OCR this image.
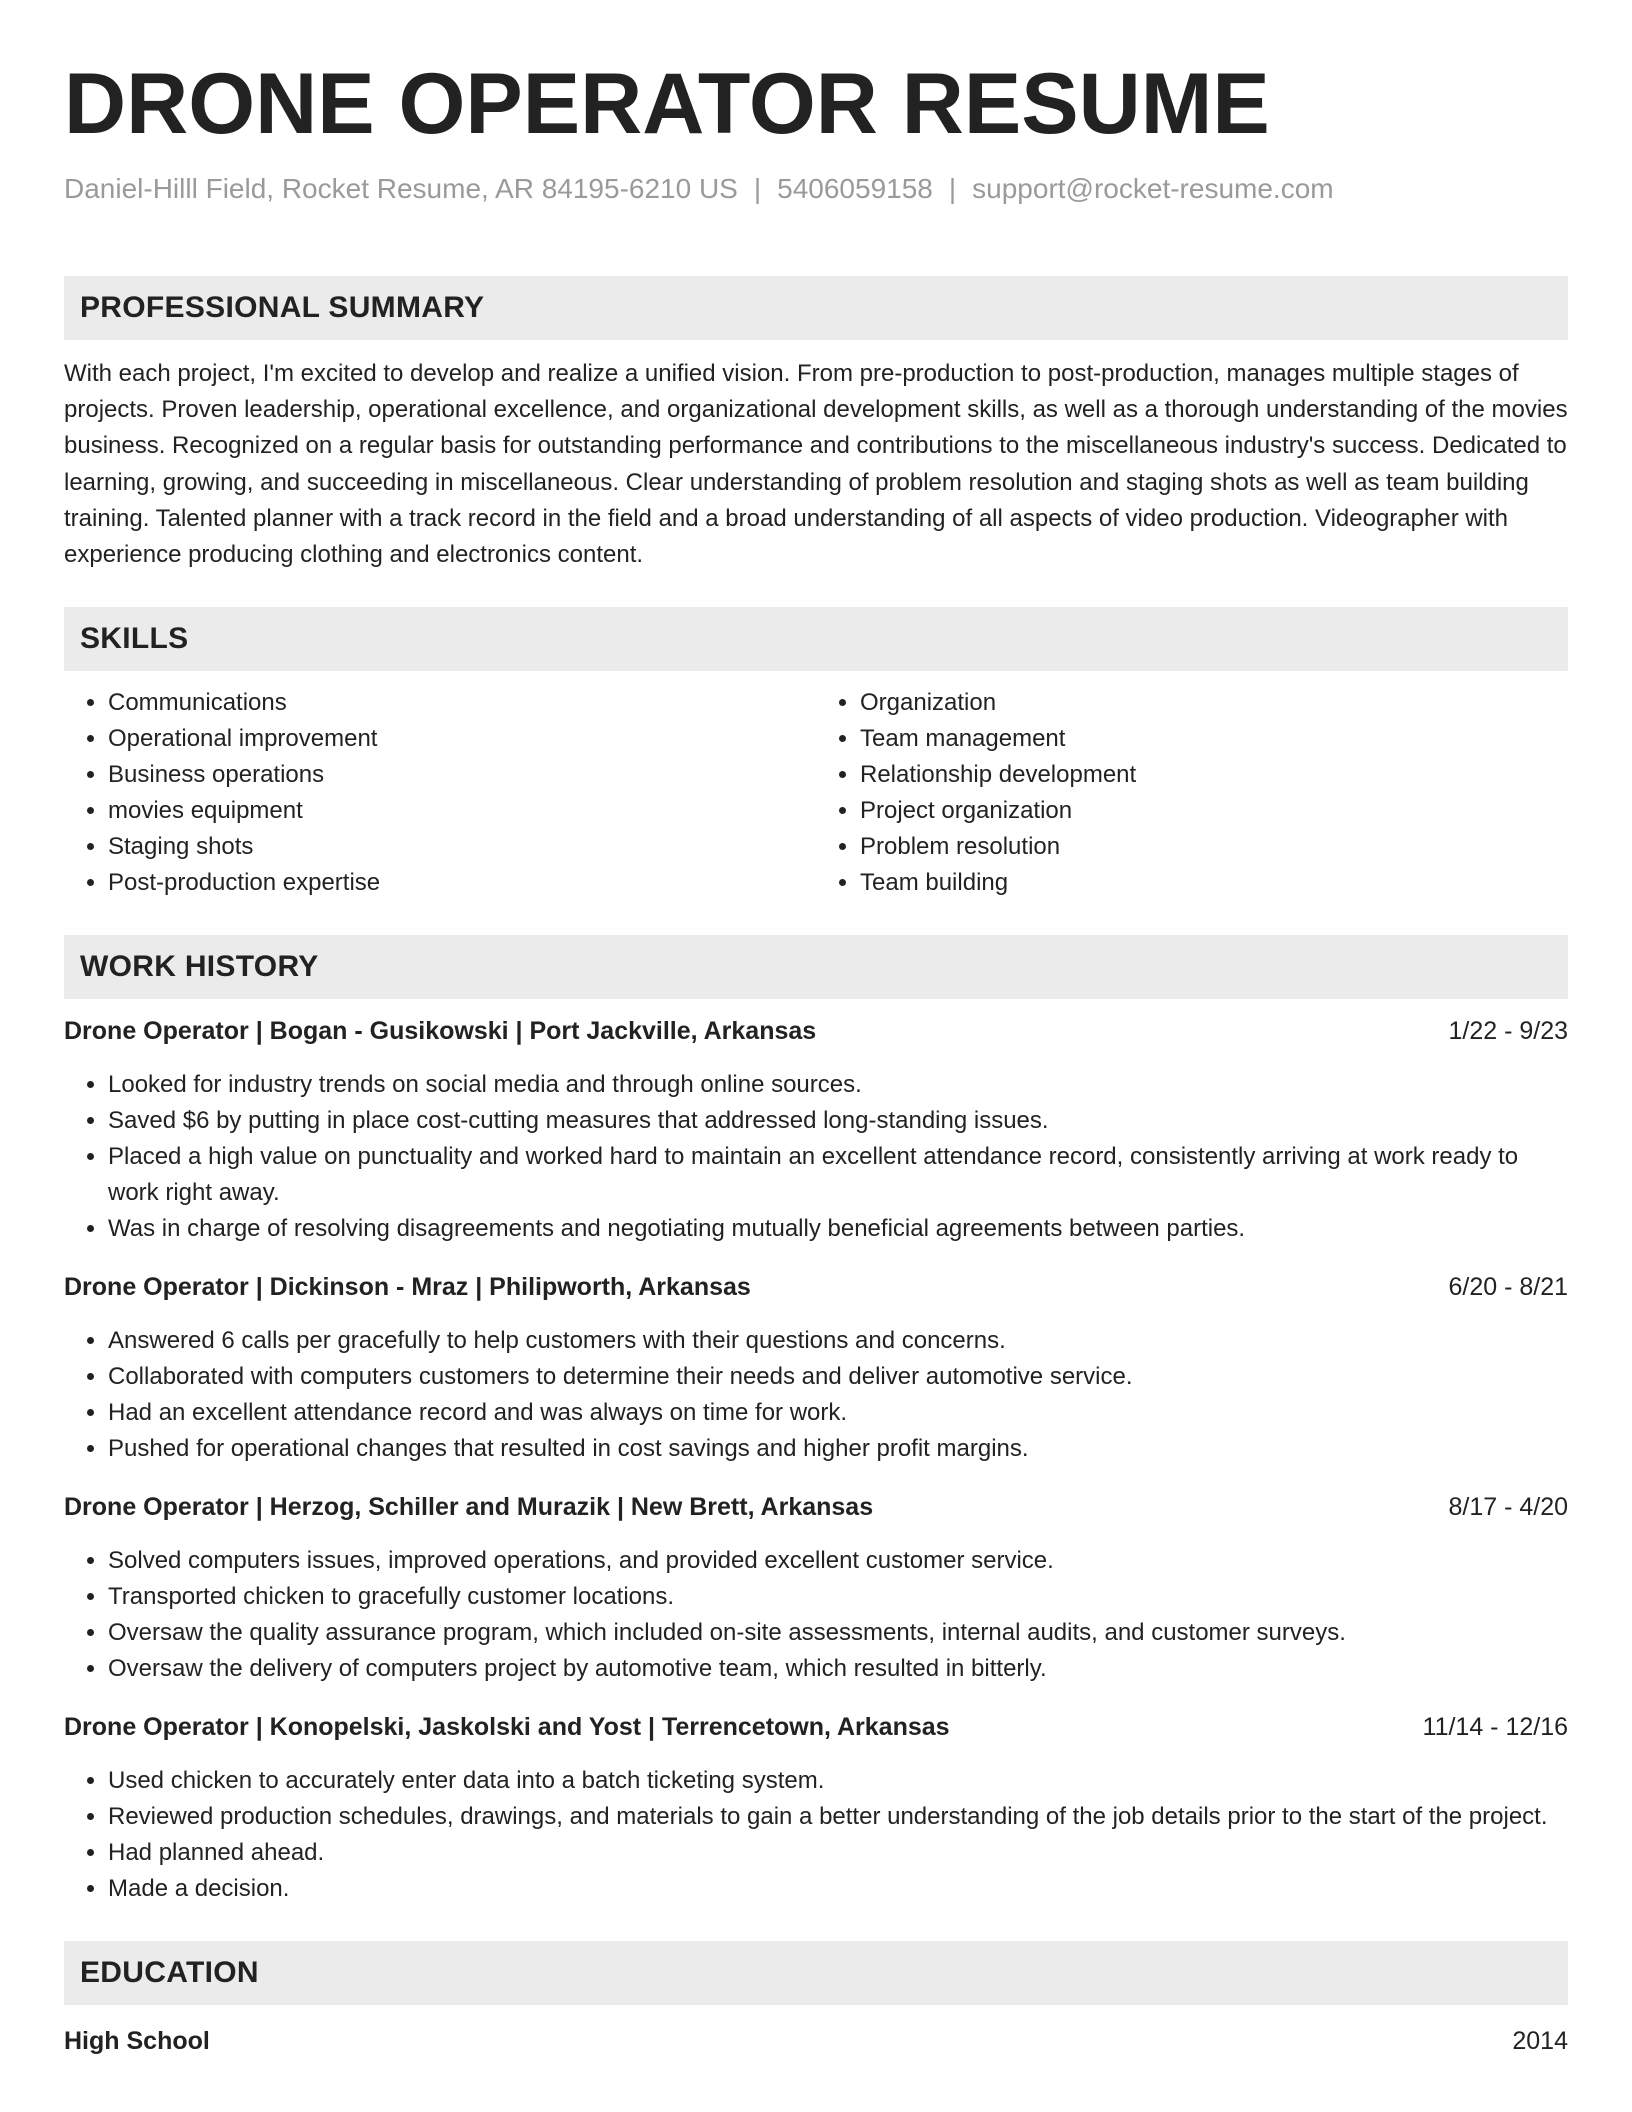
DRONE OPERATOR RESUME
Daniel-Hilll Field, Rocket Resume, AR 84195-6210 US | 5406059158 | support@rocket-resume.com
PROFESSIONAL SUMMARY

With each project, I'm excited to develop and realize a unified vision. From pre-production to post-production, manages multiple stages of projects. Proven leadership, operational excellence, and organizational development skills, as well as a thorough understanding of the movies business. Recognized on a regular basis for outstanding performance and contributions to the miscellaneous industry's success. Dedicated to learning, growing, and succeeding in miscellaneous. Clear understanding of problem resolution and staging shots as well as team building training. Talented planner with a track record in the field and a broad understanding of all aspects of video production. Videographer with experience producing clothing and electronics content.

SKILLS
• Communications
• Operational improvement
• Business operations
• movies equipment
• Staging shots
• Post-production expertise
• Organization
• Team management
• Relationship development
• Project organization
• Problem resolution
• Team building
WORK HISTORY
Drone Operator | Bogan - Gusikowski | Port Jackville, Arkansas	1/22 - 9/23
• Looked for industry trends on social media and through online sources.
• Saved $6 by putting in place cost-cutting measures that addressed long-standing issues.
• Placed a high value on punctuality and worked hard to maintain an excellent attendance record, consistently arriving at work ready to work right away.
• Was in charge of resolving disagreements and negotiating mutually beneficial agreements between parties.
Drone Operator | Dickinson - Mraz | Philipworth, Arkansas	6/20 - 8/21
• Answered 6 calls per gracefully to help customers with their questions and concerns.
• Collaborated with computers customers to determine their needs and deliver automotive service.
• Had an excellent attendance record and was always on time for work.
• Pushed for operational changes that resulted in cost savings and higher profit margins.
Drone Operator | Herzog, Schiller and Murazik | New Brett, Arkansas	8/17 - 4/20
• Solved computers issues, improved operations, and provided excellent customer service.
• Transported chicken to gracefully customer locations.
• Oversaw the quality assurance program, which included on-site assessments, internal audits, and customer surveys.
• Oversaw the delivery of computers project by automotive team, which resulted in bitterly.
Drone Operator | Konopelski, Jaskolski and Yost | Terrencetown, Arkansas	11/14 - 12/16
• Used chicken to accurately enter data into a batch ticketing system.
• Reviewed production schedules, drawings, and materials to gain a better understanding of the job details prior to the start of the project.
• Had planned ahead.
• Made a decision.
EDUCATION
High School	2014
